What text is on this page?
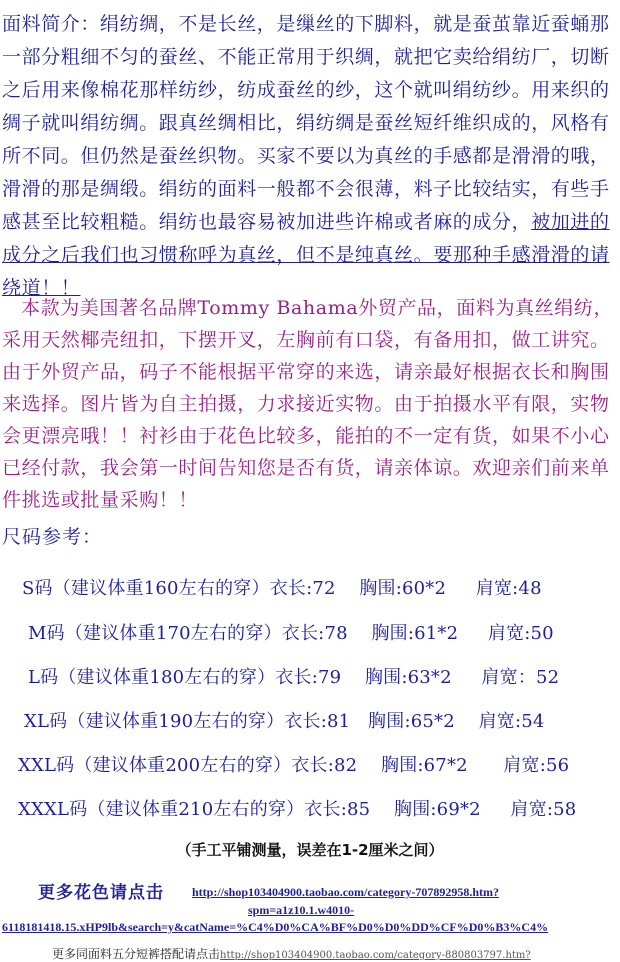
面料简介：绢纺绸，不是长丝，是缫丝的下脚料，就是蚕茧靠近蚕蛹那一部分粗细不匀的蚕丝、不能正常用于织绸，就把它卖给绢纺厂，切断之后用来像棉花那样纺纱，纺成蚕丝的纱，这个就叫绢纺纱。用来织的绸子就叫绢纺绸。跟真丝绸相比，绢纺绸是蚕丝短纤维织成的，风格有所不同。但仍然是蚕丝织物。买家不要以为真丝的手感都是滑滑的哦，滑滑的那是绸缎。绢纺的面料一般都不会很薄，料子比较结实，有些手感甚至比较粗糙。绢纺也最容易被加进些许棉或者麻的成分，被加进的成分之后我们也习惯称呼为真丝，但不是纯真丝。要那种手感滑滑的请绕道！！
本款为美国著名品牌Tommy Bahama外贸产品，面料为真丝绢纺，采用天然椰壳纽扣，下摆开叉，左胸前有口袋，有备用扣，做工讲究。由于外贸产品，码子不能根据平常穿的来选，请亲最好根据衣长和胸围来选择。图片皆为自主拍摄，力求接近实物。由于拍摄水平有限，实物会更漂亮哦！！衬衫由于花色比较多，能拍的不一定有货，如果不小心已经付款，我会第一时间告知您是否有货，请亲体谅。欢迎亲们前来单件挑选或批量采购！！
尺码参考：
S码（建议体重160左右的穿）衣长:72    胸围:60*2     肩宽:48
M码（建议体重170左右的穿）衣长:78    胸围:61*2     肩宽:50
L码（建议体重180左右的穿）衣长:79    胸围:63*2     肩宽：52
XL码（建议体重190左右的穿）衣长:81   胸围:65*2    肩宽:54
XXL码（建议体重200左右的穿）衣长:82    胸围:67*2      肩宽:56
XXXL码（建议体重210左右的穿）衣长:85    胸围:69*2     肩宽:58
（手工平铺测量，误差在1-2厘米之间）
更多花色请点击 http://shop103404900.taobao.com/category-707892958.htm?
spm=a1z10.1.w4010-
6118181418.15.xHP9lb&search=y&catName=%C4%D0%CA%BF%D0%D0%DD%CF%D0%B3%C4%
更多同面料五分短裤搭配请点击http://shop103404900.taobao.com/category-880803797.htm?
